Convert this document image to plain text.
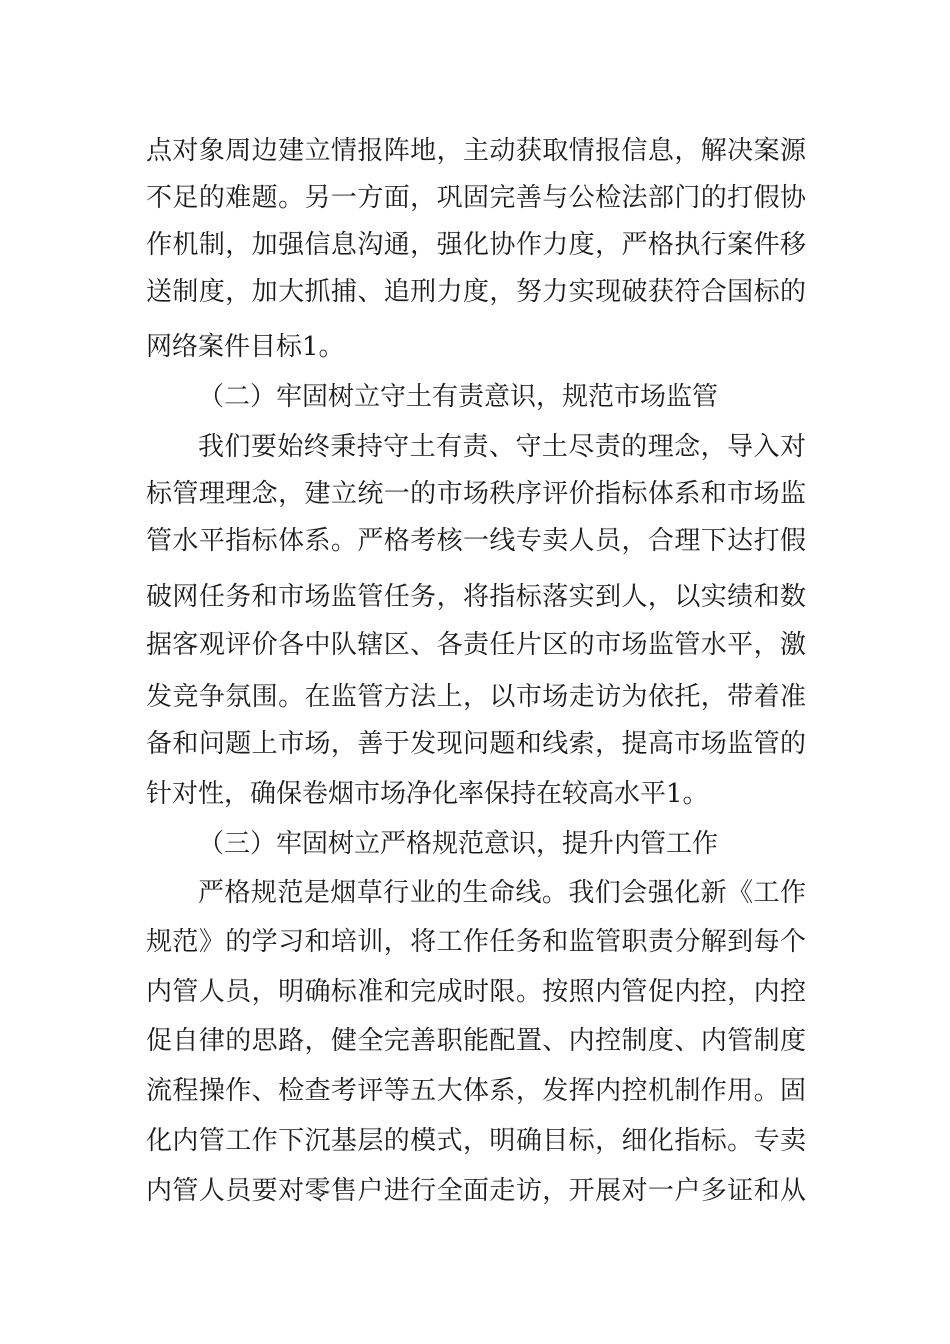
点对象周边建立情报阵地，主动获取情报信息，解决案源
不足的难题。另一方面，巩固完善与公检法部门的打假协
作机制，加强信息沟通，强化协作力度，严格执行案件移
送制度，加大抓捕、追刑力度，努力实现破获符合国标的
网络案件目标1。
（二）牢固树立守土有责意识，规范市场监管
我们要始终秉持守土有责、守土尽责的理念，导入对
标管理理念，建立统一的市场秩序评价指标体系和市场监
管水平指标体系。严格考核一线专卖人员，合理下达打假
破网任务和市场监管任务，将指标落实到人，以实绩和数
据客观评价各中队辖区、各责任片区的市场监管水平，激
发竞争氛围。在监管方法上，以市场走访为依托，带着准
备和问题上市场，善于发现问题和线索，提高市场监管的
针对性，确保卷烟市场净化率保持在较高水平1。
（三）牢固树立严格规范意识，提升内管工作
严格规范是烟草行业的生命线。我们会强化新《工作
规范》的学习和培训，将工作任务和监管职责分解到每个
内管人员，明确标准和完成时限。按照内管促内控，内控
促自律的思路，健全完善职能配置、内控制度、内管制度
流程操作、检查考评等五大体系，发挥内控机制作用。固
化内管工作下沉基层的模式，明确目标，细化指标。专卖
内管人员要对零售户进行全面走访，开展对一户多证和从
